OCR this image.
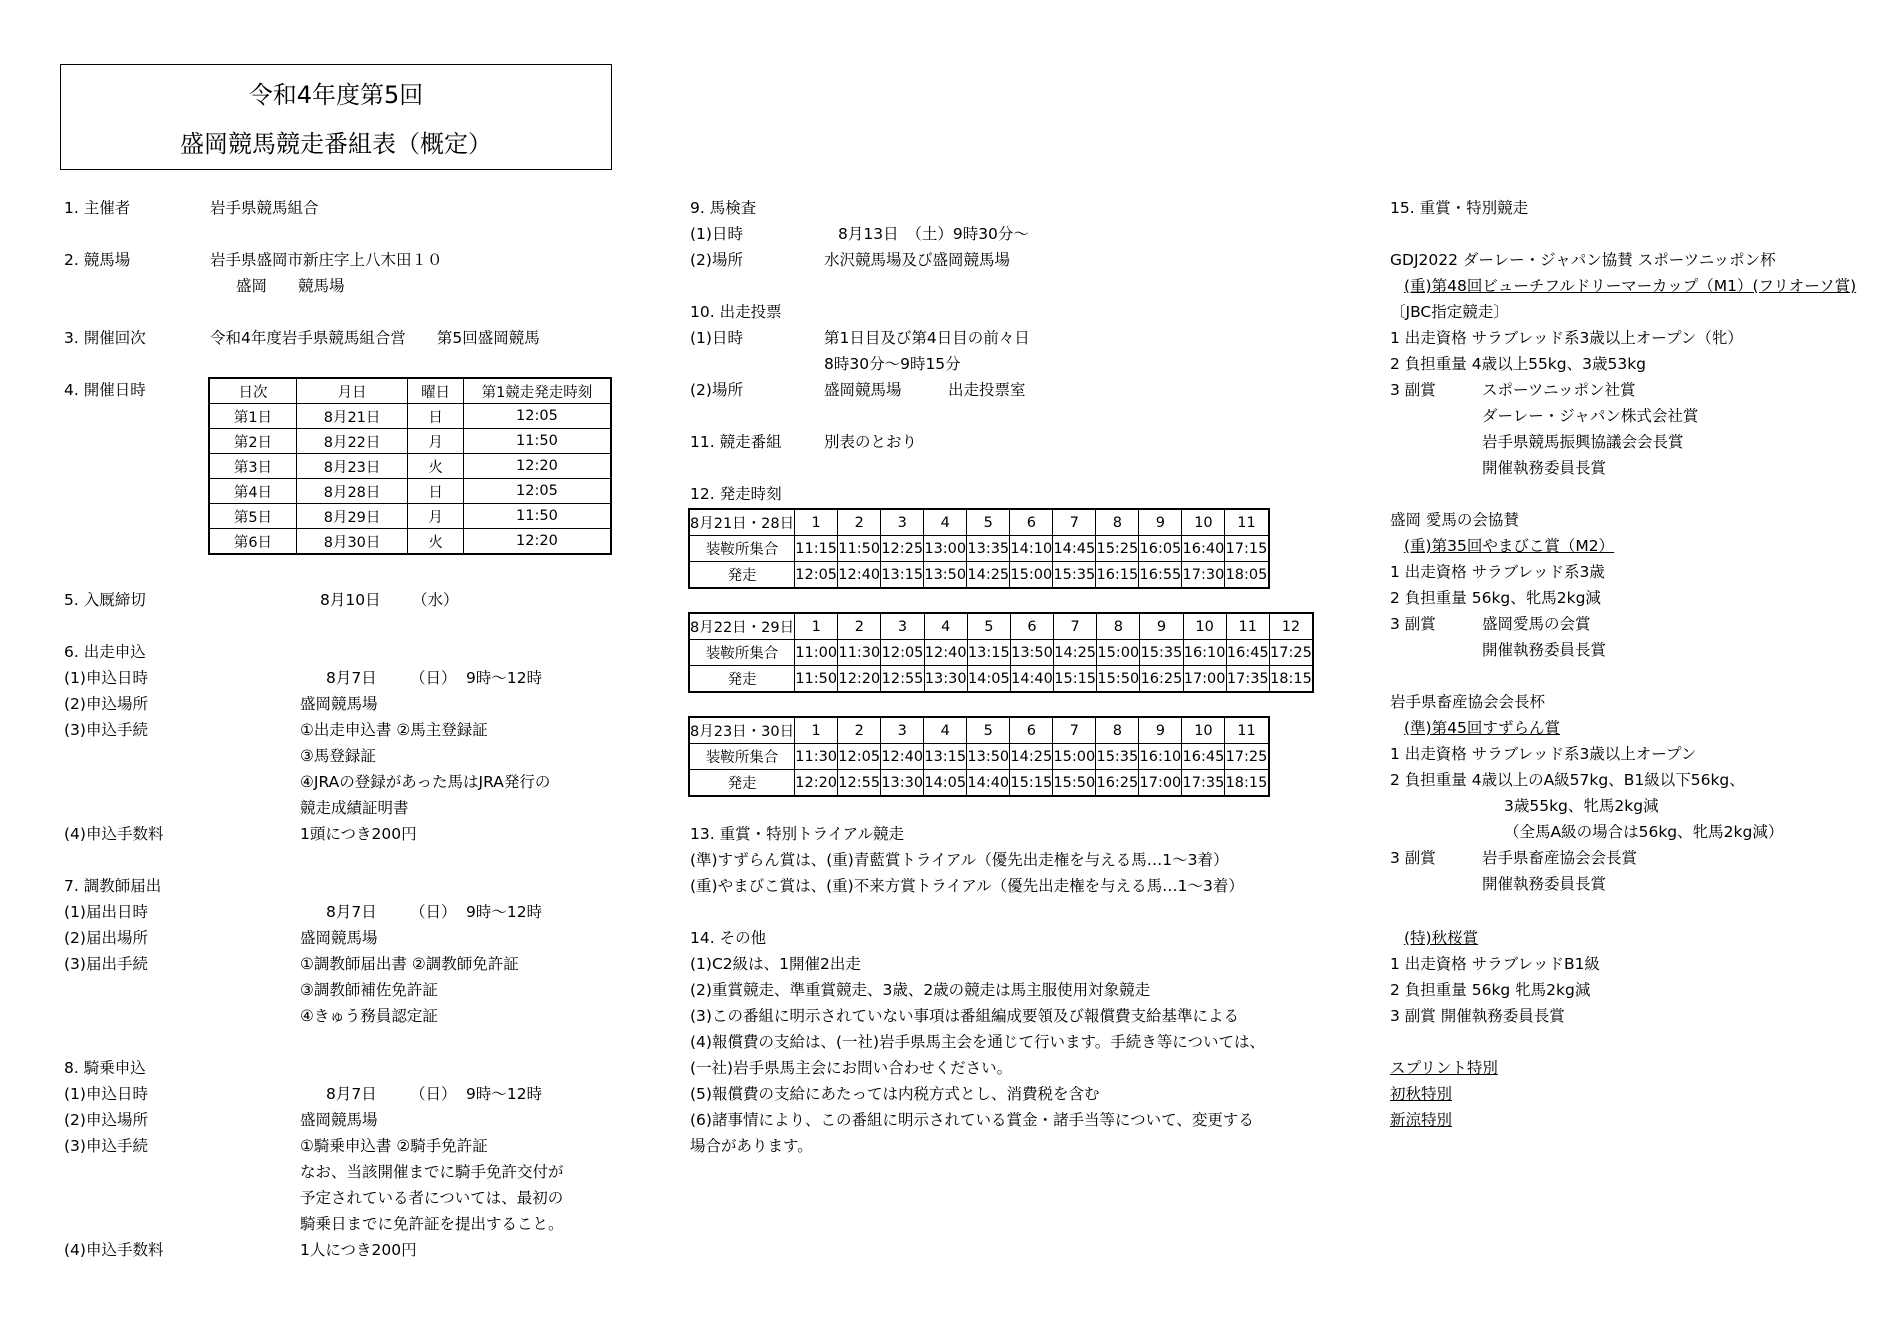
令和4年度第5回
盛岡競馬競走番組表（概定）
1. 主催者	岩手県競馬組合
2. 競馬場	岩手県盛岡市新庄字上八木田１０
盛岡　　競馬場
3. 開催回次	令和4年度岩手県競馬組合営　　第5回盛岡競馬
4. 開催日時	日次	月日	曜日	第1競走発走時刻
第1日	8月21日	日	12:05
第2日	8月22日	月	11:50
第3日	8月23日	火	12:20
第4日	8月28日	日	12:05
第5日	8月29日	月	11:50
第6日	8月30日	火	12:20
5. 入厩締切	8月10日 （水）
6. 出走申込
(1)申込日時	8月7日 （日） 9時～12時
(2)申込場所	盛岡競馬場
(3)申込手続	①出走申込書 ②馬主登録証
③馬登録証
④JRAの登録があった馬はJRA発行の
競走成績証明書
(4)申込手数料	1頭につき200円
7. 調教師届出
(1)届出日時	8月7日 （日） 9時～12時
(2)届出場所	盛岡競馬場
(3)届出手続	①調教師届出書 ②調教師免許証
③調教師補佐免許証
④きゅう務員認定証
8. 騎乗申込
(1)申込日時	8月7日 （日） 9時～12時
(2)申込場所	盛岡競馬場
(3)申込手続	①騎乗申込書 ②騎手免許証
なお、当該開催までに騎手免許交付が
予定されている者については、最初の
騎乗日までに免許証を提出すること。
(4)申込手数料	1人につき200円
9. 馬検査
(1)日時	8月13日　（土）9時30分～
(2)場所	水沢競馬場及び盛岡競馬場
10. 出走投票
(1)日時	第1日目及び第4日目の前々日
8時30分～9時15分
(2)場所	盛岡競馬場　　　出走投票室
11. 競走番組	別表のとおり
12. 発走時刻
8月21日・28日	1	2	3	4	5	6	7	8	9	10	11
装鞍所集合	11:15	11:50	12:25	13:00	13:35	14:10	14:45	15:25	16:05	16:40	17:15
発走	12:05	12:40	13:15	13:50	14:25	15:00	15:35	16:15	16:55	17:30	18:05
8月22日・29日	1	2	3	4	5	6	7	8	9	10	11	12
装鞍所集合	11:00	11:30	12:05	12:40	13:15	13:50	14:25	15:00	15:35	16:10	16:45	17:25
発走	11:50	12:20	12:55	13:30	14:05	14:40	15:15	15:50	16:25	17:00	17:35	18:15
8月23日・30日	1	2	3	4	5	6	7	8	9	10	11
装鞍所集合	11:30	12:05	12:40	13:15	13:50	14:25	15:00	15:35	16:10	16:45	17:25
発走	12:20	12:55	13:30	14:05	14:40	15:15	15:50	16:25	17:00	17:35	18:15
13. 重賞・特別トライアル競走
(準)すずらん賞は、(重)青藍賞トライアル（優先出走権を与える馬…1～3着）
(重)やまびこ賞は、(重)不来方賞トライアル（優先出走権を与える馬…1～3着）
14. その他
(1)C2級は、1開催2出走
(2)重賞競走、準重賞競走、3歳、2歳の競走は馬主服使用対象競走
(3)この番組に明示されていない事項は番組編成要領及び報償費支給基準による
(4)報償費の支給は、(一社)岩手県馬主会を通じて行います。手続き等については、
(一社)岩手県馬主会にお問い合わせください。
(5)報償費の支給にあたっては内税方式とし、消費税を含む
(6)諸事情により、この番組に明示されている賞金・諸手当等について、変更する
場合があります。
15. 重賞・特別競走
GDJ2022 ダーレー・ジャパン協賛 スポーツニッポン杯
(重)第48回ビューチフルドリーマーカップ（M1）(フリオーソ賞)
〔JBC指定競走〕
1 出走資格 サラブレッド系3歳以上オープン（牝）
2 負担重量 4歳以上55kg、3歳53kg
3 副賞	スポーツニッポン社賞
ダーレー・ジャパン株式会社賞
岩手県競馬振興協議会会長賞
開催執務委員長賞
盛岡 愛馬の会協賛
(重)第35回やまびこ賞（M2）
1 出走資格 サラブレッド系3歳
2 負担重量 56kg、牝馬2kg減
3 副賞	盛岡愛馬の会賞
開催執務委員長賞
岩手県畜産協会会長杯
(準)第45回すずらん賞
1 出走資格 サラブレッド系3歳以上オープン
2 負担重量 4歳以上のA級57kg、B1級以下56kg、
3歳55kg、牝馬2kg減
（全馬A級の場合は56kg、牝馬2kg減）
3 副賞	岩手県畜産協会会長賞
開催執務委員長賞
(特)秋桜賞
1 出走資格 サラブレッドB1級
2 負担重量 56kg 牝馬2kg減
3 副賞 開催執務委員長賞
スプリント特別
初秋特別
新涼特別
